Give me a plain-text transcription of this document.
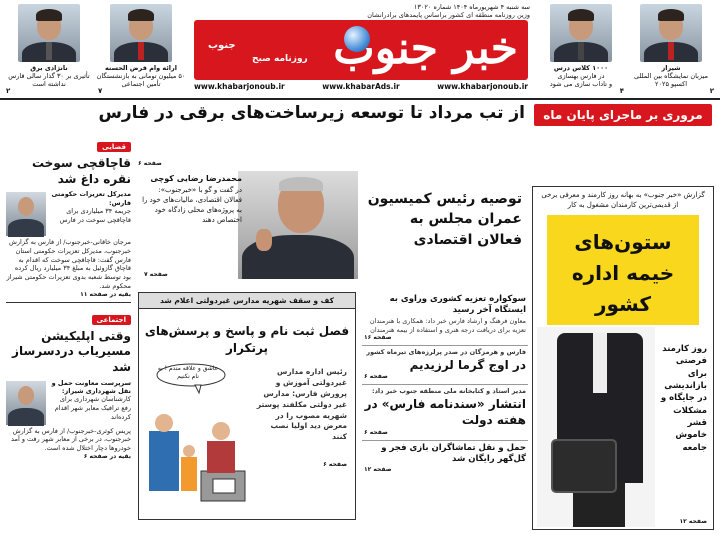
شیراز
میزبان نمایشگاه بین المللی
اکسپو ۲۰۲۵
۲
۱۰۰۰ کلاس درس
در فارس بهسازی
و تاداب سازی می شود
۴
سه شنبه ۴ شهریورماه ۱۴۰۴ شماره ۱۳۰۲۰
وزین روزنامه منطقه ای کشور براساس پایمدهای برادرانشان
خبر جنوب
روزنامه صبح
جنوب
www.khabarjonoub.ir	www.khabarAds.ir	www.khabarjonoub.ir
ارائه وام قرض الحسنه
۵۰ میلیون تومانی به بازنشستگان
تأمین اجتماعی
۷
نانژادی برق
تأثیری بر ۳۰ گذار سالی قارس
نداشته است
۲
از تب مرداد تا توسعه زیرساخت‌های برقی در فارس	مروری بر ماجرای پایان ماه
صفحه ۶
قضایی
قاچاقچی سوخت نقره داغ شد
مدیرکل تعزیرات حکومتی فارس:
جریمه ۳۴ میلیاردی برای قاچاقچی سوخت در فارس
مرجان خاقانی-خبرجنوب/ از فارس به گزارش خبرجنوب، مدیرکل تعزیرات حکومتی استان فارس گفت: قاچاقچی سوخت که اقدام به قاچاق گازوئیل به مبلغ ۳۴ میلیارد ریال کرده بود توسط شعبه بدوی تعزیرات حکومتی شیراز محکوم شد.
بقیه در صفحه ۱۱
اجتماعی
وقتی اپلیکیشن مسیریاب دردسرساز شد
سرپرست معاونت حمل و نقل شهرداری شیراز:
کارشناسان شهرداری برای رفع ترافیک معابر شهر اقدام کرده‌اند
پریس کوثری-خبرجنوب/ از فارس به گزارش خبرجنوب، در برخی از معابر شهر رفت و آمد خودروها دچار اختلال شده است.
بقیه در صفحه ۶
توصیه رئیس کمیسیون عمران مجلس به فعالان اقتصادی
محمدرضا رضایی کوچی
در گفت و گو با «خبرجنوب»: فعالان اقتصادی، مالیات‌های خود را به پروژه‌های محلی زادگاه خود اختصاص دهند
صفحه ۷
کف و سقف شهریه مدارس غیردولتی اعلام شد
فصل ثبت نام و پاسخ و پرسش‌های پرتکرار
رئیس اداره مدارس غیردولتی آموزش و پرورش فارس: مدارس غیر دولتی مکلفند پوستر شهریه مصوب را در معرض دید اولیا نصب کنند
صفحه ۶
عاشق و علاقه مندم ! به نام نکنیم
سوکواره تعزیه کشوری وراوی به ایستگاه آخر رسید
معاون فرهنگ و ارشاد فارس خبر داد: همکاری با هنرمندان تعزیه برای دریافت درجه هنری و استفاده از بیمه هنرمندان
صفحه ۱۶
فارس و هرمزگان در صدر پرلرزه‌های تیرماه کشور
در اوج گرما لرزیدیم
صفحه ۶
مدیر استاد و کتابخانه ملی منطقه جنوب خبر داد:
انتشار «سندنامه فارس» در هفته دولت
صفحه ۶
حمل و نقل تماشاگران بازی فجر و گل‌گهر رایگان شد
صفحه ۱۲
گزارش «خبر جنوب» به بهانه روز کارمند و معرفی برخی از قدیمی‌ترین کارمندان مشغول به کار
ستون‌های خیمه اداره کشور
روز کارمند فرصتی برای بازاندیشی در جایگاه و مشکلات قشر خاموش جامعه
صفحه ۱۲
